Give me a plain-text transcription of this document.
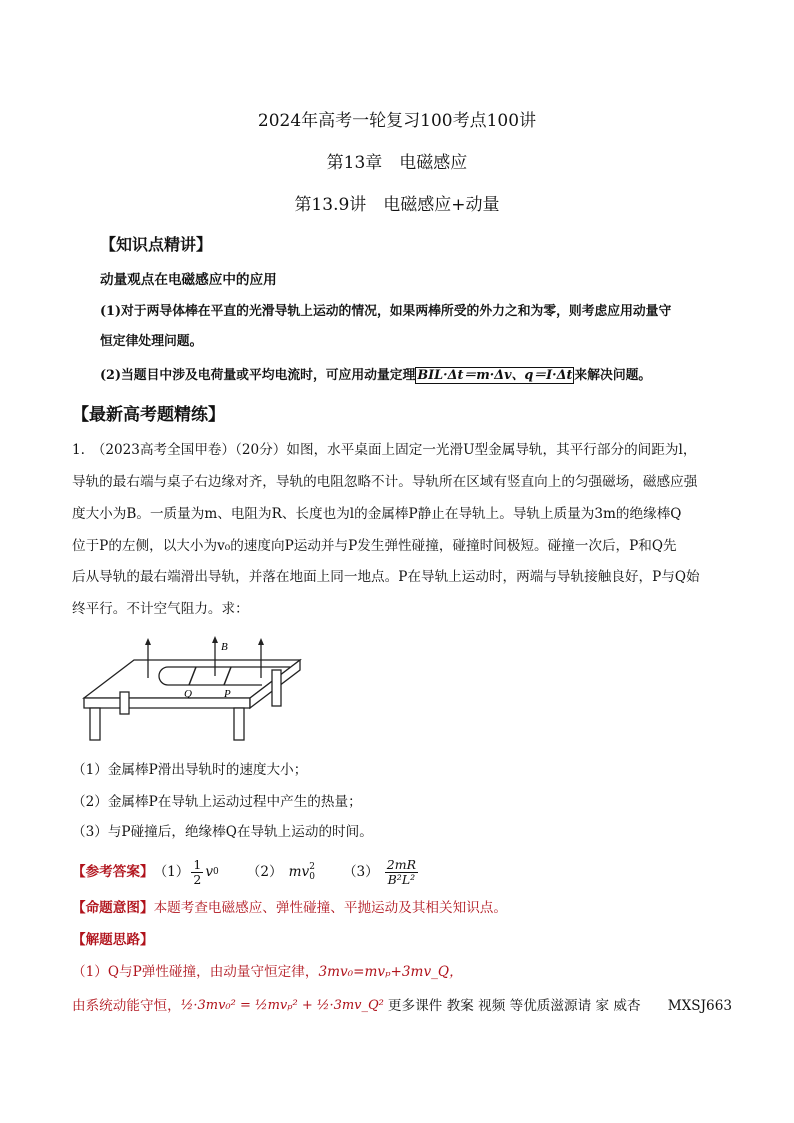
2024年高考一轮复习100考点100讲
第13章　电磁感应
第13.9讲　电磁感应+动量
【知识点精讲】
动量观点在电磁感应中的应用
(1)对于两导体棒在平直的光滑导轨上运动的情况，如果两棒所受的外力之和为零，则考虑应用动量守
恒定律处理问题。
(2)当题目中涉及电荷量或平均电流时，可应用动量定理 BIL·Δt＝m·Δv、q＝I·Δt 来解决问题。
【最新高考题精练】
1.　（2023高考全国甲卷）（20分）如图，水平桌面上固定一光滑U型金属导轨，其平行部分的间距为l，
导轨的最右端与桌子右边缘对齐，导轨的电阻忽略不计。导轨所在区域有竖直向上的匀强磁场，磁感应强
度大小为B。一质量为m、电阻为R、长度也为l的金属棒P静止在导轨上。导轨上质量为3m的绝缘棒Q
位于P的左侧，以大小为v₀的速度向P运动并与P发生弹性碰撞，碰撞时间极短。碰撞一次后，P和Q先
后从导轨的最右端滑出导轨，并落在地面上同一地点。P在导轨上运动时，两端与导轨接触良好，P与Q始
终平行。不计空气阻力。求：
B
Q	P
（1）金属棒P滑出导轨时的速度大小；
（2）金属棒P在导轨上运动过程中产生的热量；
（3）与P碰撞后，绝缘棒Q在导轨上运动的时间。
【参考答案】 $(1) \frac{1}{2}$ v 0 （2） mv 2
0 $(3) \frac{2mR}{\text{B²L²}}$
【命题意图】本题考查电磁感应、弹性碰撞、平抛运动及其相关知识点。
【解题思路】
（1）Q与P弹性碰撞，由动量守恒定律，3mv₀=mvₚ+3mv_Q，
由系统动能守恒， ½·3mv₀² = ½mvₚ² + ½·3mv_Q² 更多课件 教案 视频 等优质滋源请 家 威杏 MXSJ663
